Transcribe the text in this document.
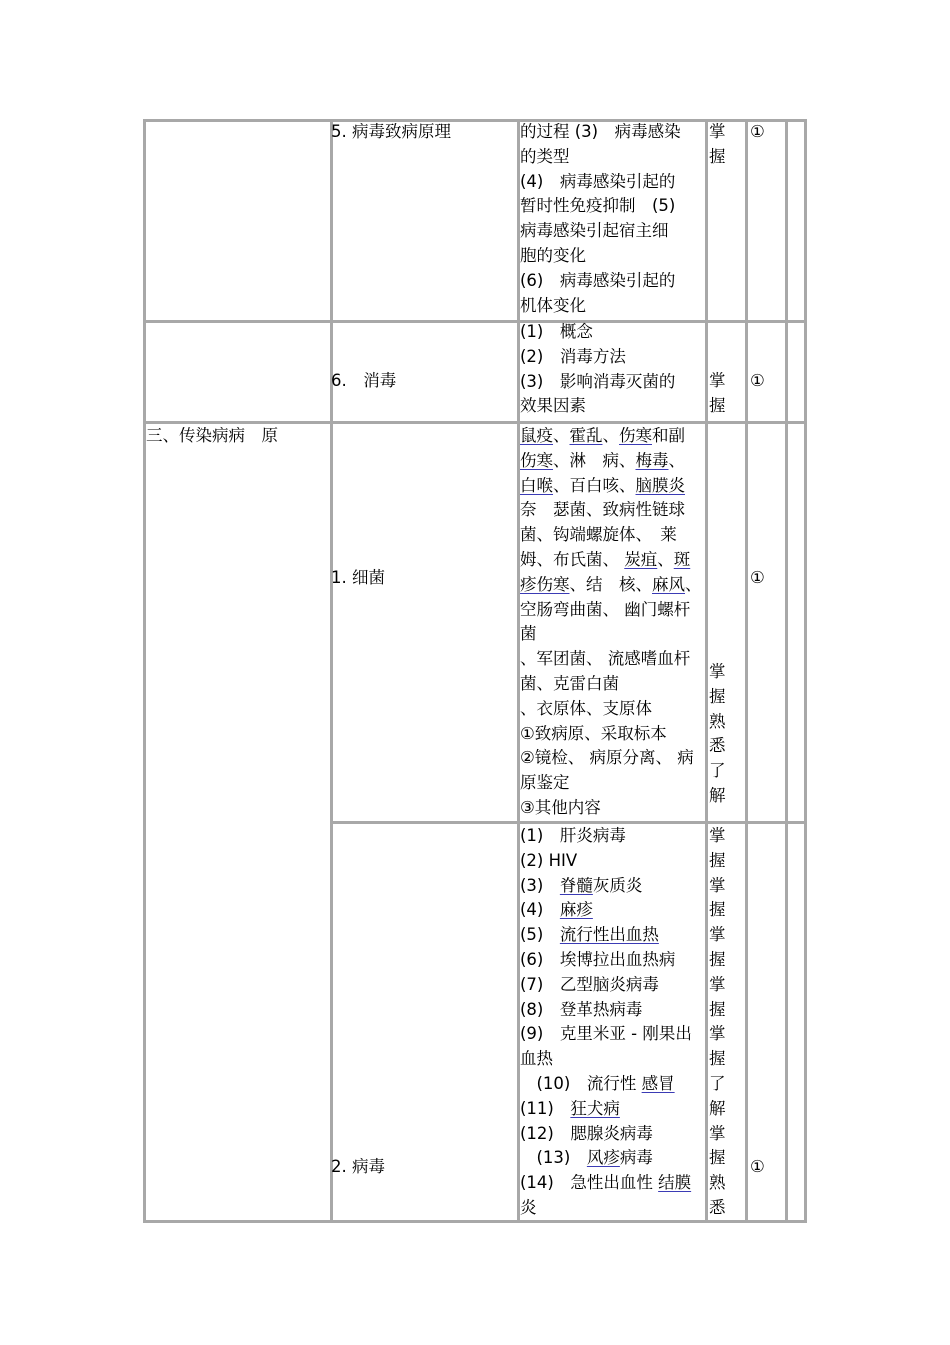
5. 病毒致病原理	的过程 (3)　病毒感染
的类型
(4)　病毒感染引起的
暂时性免疫抑制　(5)
病毒感染引起宿主细
胞的变化
(6)　病毒感染引起的
机体变化
掌
握
①
6.　消毒
(1)　概念
(2)　消毒方法
(3)　影响消毒灭菌的
效果因素
掌
握
①
三、传染病病　原
1. 细菌
鼠疫、霍乱、伤寒和副
伤寒、淋　病、梅毒、
白喉、百白咳、脑膜炎
奈　瑟菌、致病性链球
菌、钩端螺旋体、　莱
姆、布氏菌、 炭疽、斑
疹伤寒、结　核、麻风、
空肠弯曲菌、 幽门螺杆
菌
、军团菌、 流感嗜血杆
菌、克雷白菌
、衣原体、支原体
①致病原、采取标本
②镜检、 病原分离、 病
原鉴定
③其他内容
掌
握
熟
悉
了
解
①
2. 病毒
(1)　肝炎病毒
(2) HIV
(3)　脊髓灰质炎
(4)　麻疹
(5)　流行性出血热
(6)　埃博拉出血热病
(7)　乙型脑炎病毒
(8)　登革热病毒
(9)　克里米亚 - 刚果出
血热
　(10)　流行性 感冒
(11)　狂犬病
(12)　腮腺炎病毒
　(13)　风疹病毒
(14)　急性出血性 结膜
炎
掌
握
掌
握
掌
握
掌
握
掌
握
了
解
掌
握
熟
悉
①
